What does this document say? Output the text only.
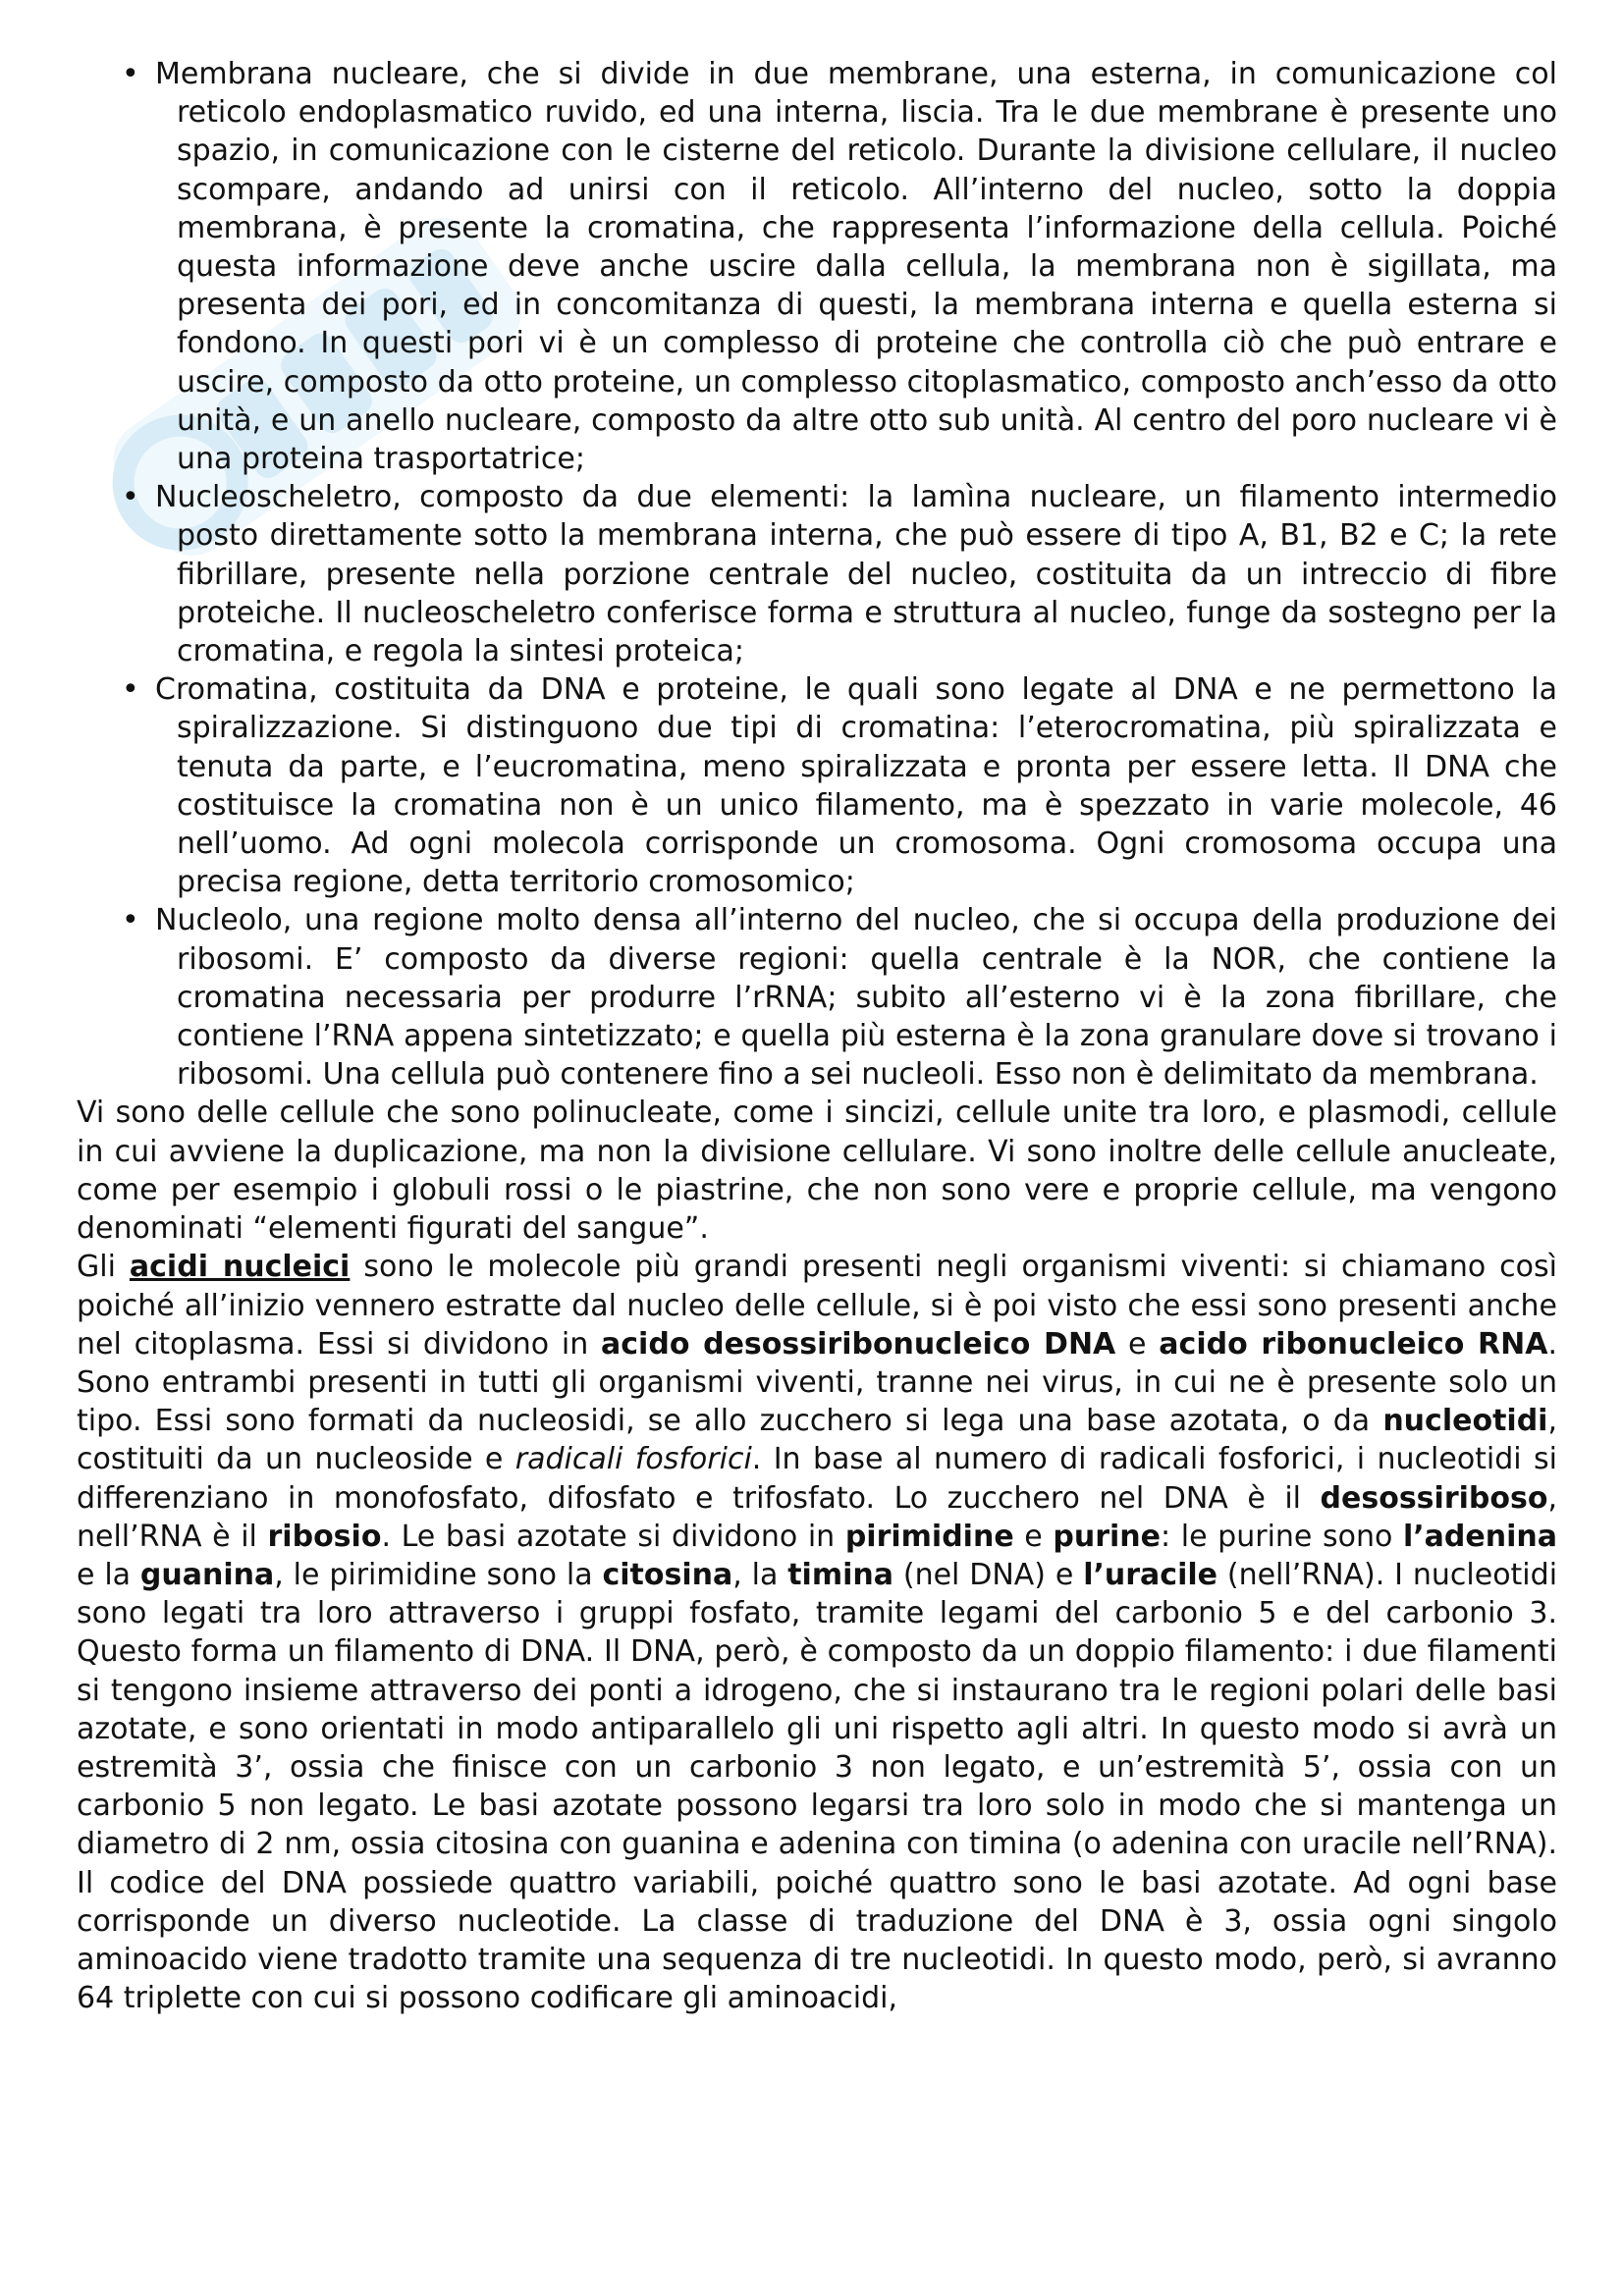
• Membrana nucleare, che si divide in due membrane, una esterna, in comunicazione col reticolo endoplasmatico ruvido, ed una interna, liscia. Tra le due membrane è presente uno spazio, in comunicazione con le cisterne del reticolo. Durante la divisione cellulare, il nucleo scompare, andando ad unirsi con il reticolo. All’interno del nucleo, sotto la doppia membrana, è presente la cromatina, che rappresenta l’informazione della cellula. Poiché questa informazione deve anche uscire dalla cellula, la membrana non è sigillata, ma presenta dei pori, ed in concomitanza di questi, la membrana interna e quella esterna si fondono. In questi pori vi è un complesso di proteine che controlla ciò che può entrare e uscire, composto da otto proteine, un complesso citoplasmatico, composto anch’esso da otto unità, e un anello nucleare, composto da altre otto sub unità. Al centro del poro nucleare vi è una proteina trasportatrice;
• Nucleoscheletro, composto da due elementi: la lamìna nucleare, un filamento intermedio posto direttamente sotto la membrana interna, che può essere di tipo A, B1, B2 e C; la rete fibrillare, presente nella porzione centrale del nucleo, costituita da un intreccio di fibre proteiche. Il nucleoscheletro conferisce forma e struttura al nucleo, funge da sostegno per la cromatina, e regola la sintesi proteica;
• Cromatina, costituita da DNA e proteine, le quali sono legate al DNA e ne permettono la spiralizzazione. Si distinguono due tipi di cromatina: l’eterocromatina, più spiralizzata e tenuta da parte, e l’eucromatina, meno spiralizzata e pronta per essere letta. Il DNA che costituisce la cromatina non è un unico filamento, ma è spezzato in varie molecole, 46 nell’uomo. Ad ogni molecola corrisponde un cromosoma. Ogni cromosoma occupa una precisa regione, detta territorio cromosomico;
• Nucleolo, una regione molto densa all’interno del nucleo, che si occupa della produzione dei ribosomi. E’ composto da diverse regioni: quella centrale è la NOR, che contiene la cromatina necessaria per produrre l’rRNA; subito all’esterno vi è la zona fibrillare, che contiene l’RNA appena sintetizzato; e quella più esterna è la zona granulare dove si trovano i ribosomi. Una cellula può contenere fino a sei nucleoli. Esso non è delimitato da membrana.

Vi sono delle cellule che sono polinucleate, come i sincizi, cellule unite tra loro, e plasmodi, cellule in cui avviene la duplicazione, ma non la divisione cellulare. Vi sono inoltre delle cellule anucleate, come per esempio i globuli rossi o le piastrine, che non sono vere e proprie cellule, ma vengono denominati “elementi figurati del sangue”.

Gli acidi nucleici sono le molecole più grandi presenti negli organismi viventi: si chiamano così poiché all’inizio vennero estratte dal nucleo delle cellule, si è poi visto che essi sono presenti anche nel citoplasma. Essi si dividono in acido desossiribonucleico DNA e acido ribonucleico RNA. Sono entrambi presenti in tutti gli organismi viventi, tranne nei virus, in cui ne è presente solo un tipo. Essi sono formati da nucleosidi, se allo zucchero si lega una base azotata, o da nucleotidi, costituiti da un nucleoside e radicali fosforici. In base al numero di radicali fosforici, i nucleotidi si differenziano in monofosfato, difosfato e trifosfato. Lo zucchero nel DNA è il desossiriboso, nell’RNA è il ribosio. Le basi azotate si dividono in pirimidine e purine: le purine sono l’adenina e la guanina, le pirimidine sono la citosina, la timina (nel DNA) e l’uracile (nell’RNA). I nucleotidi sono legati tra loro attraverso i gruppi fosfato, tramite legami del carbonio 5 e del carbonio 3. Questo forma un filamento di DNA. Il DNA, però, è composto da un doppio filamento: i due filamenti si tengono insieme attraverso dei ponti a idrogeno, che si instaurano tra le regioni polari delle basi azotate, e sono orientati in modo antiparallelo gli uni rispetto agli altri. In questo modo si avrà un estremità 3’, ossia che finisce con un carbonio 3 non legato, e un’estremità 5’, ossia con un carbonio 5 non legato. Le basi azotate possono legarsi tra loro solo in modo che si mantenga un diametro di 2 nm, ossia citosina con guanina e adenina con timina (o adenina con uracile nell’RNA). Il codice del DNA possiede quattro variabili, poiché quattro sono le basi azotate. Ad ogni base corrisponde un diverso nucleotide. La classe di traduzione del DNA è 3, ossia ogni singolo aminoacido viene tradotto tramite una sequenza di tre nucleotidi. In questo modo, però, si avranno 64 triplette con cui si possono codificare gli aminoacidi,
